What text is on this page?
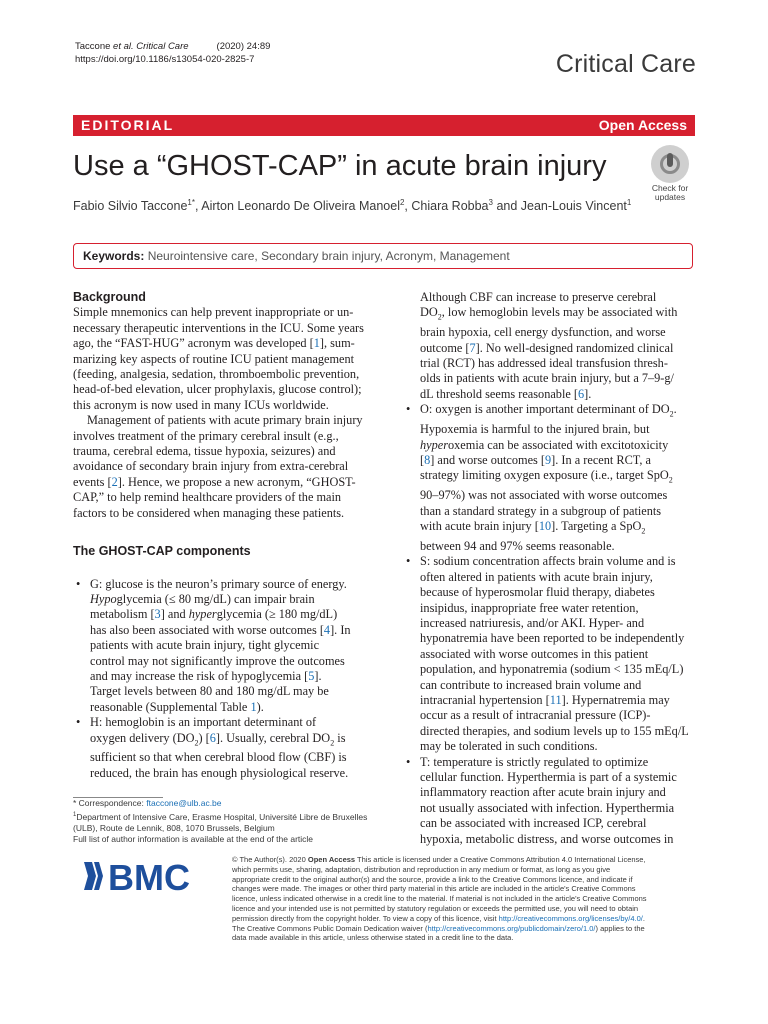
Taccone et al. Critical Care	(2020) 24:89
https://doi.org/10.1186/s13054-020-2825-7	Critical Care
EDITORIAL	Open Access
Use a “GHOST-CAP” in acute brain injury
Check for
updates
Fabio Silvio Taccone$^{1*}$, Airton Leonardo De Oliveira Manoel$^2$, Chiara Robba$^3$ and Jean-Louis Vincent$^1$
Keywords: Neurointensive care, Secondary brain injury, Acronym, Management

Background

Simple mnemonics can help prevent inappropriate or un-
necessary therapeutic interventions in the ICU. Some years
ago, the “FAST-HUG” acronym was developed [1], sum-
marizing key aspects of routine ICU patient management
(feeding, analgesia, sedation, thromboembolic prevention,
head-of-bed elevation, ulcer prophylaxis, glucose control);
this acronym is now used in many ICUs worldwide.

Management of patients with acute primary brain injury
involves treatment of the primary cerebral insult (e.g.,
trauma, cerebral edema, tissue hypoxia, seizures) and
avoidance of secondary brain injury from extra-cerebral
events [2]. Hence, we propose a new acronym, “GHOST-
CAP,” to help remind healthcare providers of the main
factors to be considered when managing these patients.

The GHOST-CAP components

• G: glucose is the neuron’s primary source of energy.
Hypoglycemia (≤ 80 mg/dL) can impair brain
metabolism [3] and hyperglycemia (≥ 180 mg/dL)
has also been associated with worse outcomes [4]. In
patients with acute brain injury, tight glycemic
control may not significantly improve the outcomes
and may increase the risk of hypoglycemia [5].
Target levels between 80 and 180 mg/dL may be
reasonable (Supplemental Table 1).
• H: hemoglobin is an important determinant of
oxygen delivery $(DO_2)$ [6]. Usually, cerebral $DO_2$ is
sufficient so that when cerebral blood flow (CBF) is
reduced, the brain has enough physiological reserve.
Although CBF can increase to preserve cerebral
$DO_2$, low hemoglobin levels may be associated with
brain hypoxia, cell energy dysfunction, and worse
outcome [7]. No well-designed randomized clinical
trial (RCT) has addressed ideal transfusion thresh-
olds in patients with acute brain injury, but a 7–9-g/
dL threshold seems reasonable [6].
• O: oxygen is another important determinant of $DO_2$.
Hypoxemia is harmful to the injured brain, but
hyperoxemia can be associated with excitotoxicity
[8] and worse outcomes [9]. In a recent RCT, a
strategy limiting oxygen exposure (i.e., target SpO$_2$
90–97%) was not associated with worse outcomes
than a standard strategy in a subgroup of patients
with acute brain injury [10]. Targeting a SpO$_2$
between 94 and 97% seems reasonable.
• S: sodium concentration affects brain volume and is
often altered in patients with acute brain injury,
because of hyperosmolar fluid therapy, diabetes
insipidus, inappropriate free water retention,
increased natriuresis, and/or AKI. Hyper- and
hyponatremia have been reported to be independently
associated with worse outcomes in this patient
population, and hyponatremia (sodium < 135 mEq/L)
can contribute to increased brain volume and
intracranial hypertension [11]. Hypernatremia may
occur as a result of intracranial pressure (ICP)-
directed therapies, and sodium levels up to 155 mEq/L
may be tolerated in such conditions.
• T: temperature is strictly regulated to optimize
cellular function. Hyperthermia is part of a systemic
inflammatory reaction after acute brain injury and
not usually associated with infection. Hyperthermia
can be associated with increased ICP, cerebral
hypoxia, metabolic distress, and worse outcomes in
* Correspondence: ftaccone@ulb.ac.be
$^1$Department of Intensive Care, Erasme Hospital, Université Libre de Bruxelles
(ULB), Route de Lennik, 808, 1070 Brussels, Belgium
Full list of author information is available at the end of the article
BMC	© The Author(s). 2020 Open Access This article is licensed under a Creative Commons Attribution 4.0 International License,
which permits use, sharing, adaptation, distribution and reproduction in any medium or format, as long as you give
appropriate credit to the original author(s) and the source, provide a link to the Creative Commons licence, and indicate if
changes were made. The images or other third party material in this article are included in the article's Creative Commons
licence, unless indicated otherwise in a credit line to the material. If material is not included in the article's Creative Commons
licence and your intended use is not permitted by statutory regulation or exceeds the permitted use, you will need to obtain
permission directly from the copyright holder. To view a copy of this licence, visit http://creativecommons.org/licenses/by/4.0/.
The Creative Commons Public Domain Dedication waiver (http://creativecommons.org/publicdomain/zero/1.0/) applies to the
data made available in this article, unless otherwise stated in a credit line to the data.
